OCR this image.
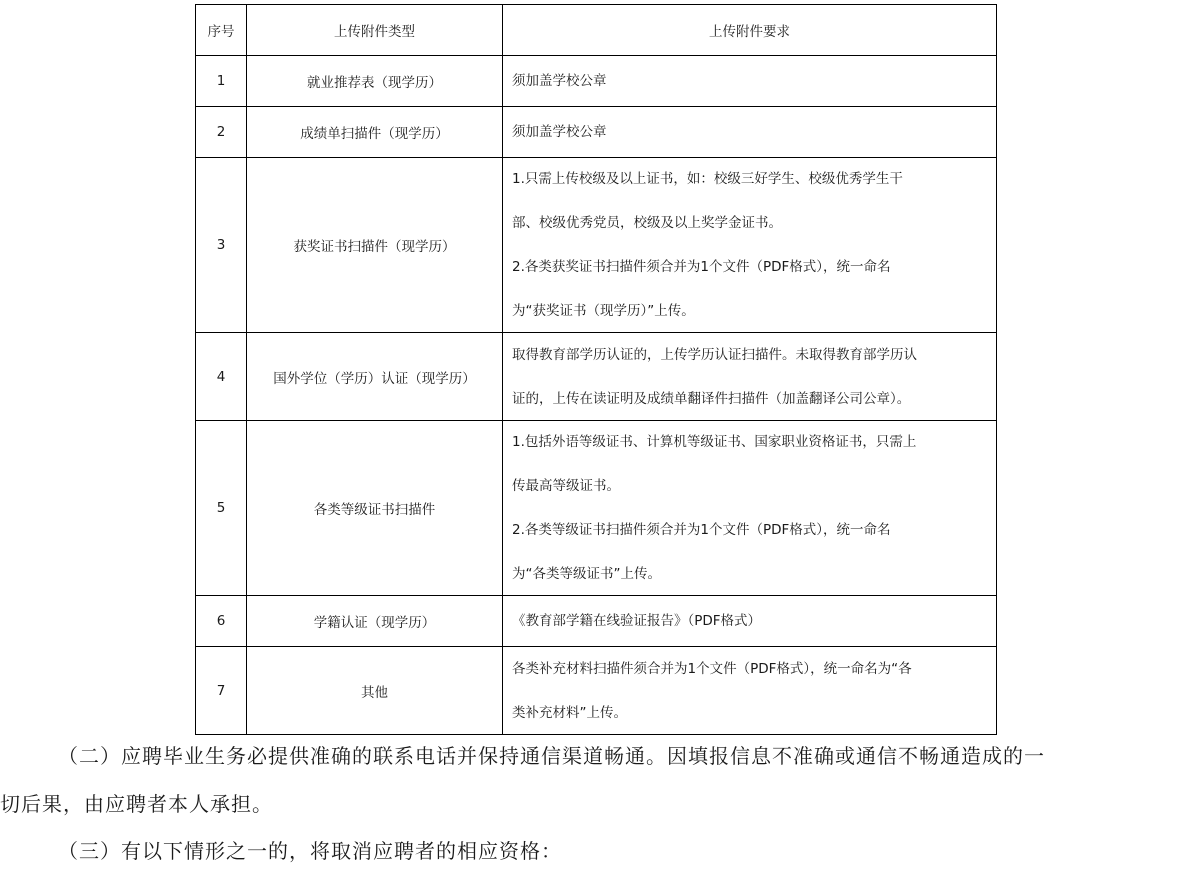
序号	上传附件类型	上传附件要求
1	就业推荐表（现学历）	须加盖学校公章

2	成绩单扫描件（现学历）	须加盖学校公章

3	获奖证书扫描件（现学历）	1.只需上传校级及以上证书，如：校级三好学生、校级优秀学生干
部、校级优秀党员，校级及以上奖学金证书。
2.各类获奖证书扫描件须合并为1个文件（PDF格式），统一命名
为“获奖证书（现学历）”上传。

4	国外学位（学历）认证（现学历）	取得教育部学历认证的，上传学历认证扫描件。未取得教育部学历认
证的，上传在读证明及成绩单翻译件扫描件（加盖翻译公司公章）。

5	各类等级证书扫描件	1.包括外语等级证书、计算机等级证书、国家职业资格证书，只需上
传最高等级证书。
2.各类等级证书扫描件须合并为1个文件（PDF格式），统一命名
为“各类等级证书”上传。

6	学籍认证（现学历）	《教育部学籍在线验证报告》（PDF格式）

7	其他	各类补充材料扫描件须合并为1个文件（PDF格式），统一命名为“各
类补充材料”上传。
（二）应聘毕业生务必提供准确的联系电话并保持通信渠道畅通。因填报信息不准确或通信不畅通造成的一
切后果，由应聘者本人承担。
（三）有以下情形之一的，将取消应聘者的相应资格：
